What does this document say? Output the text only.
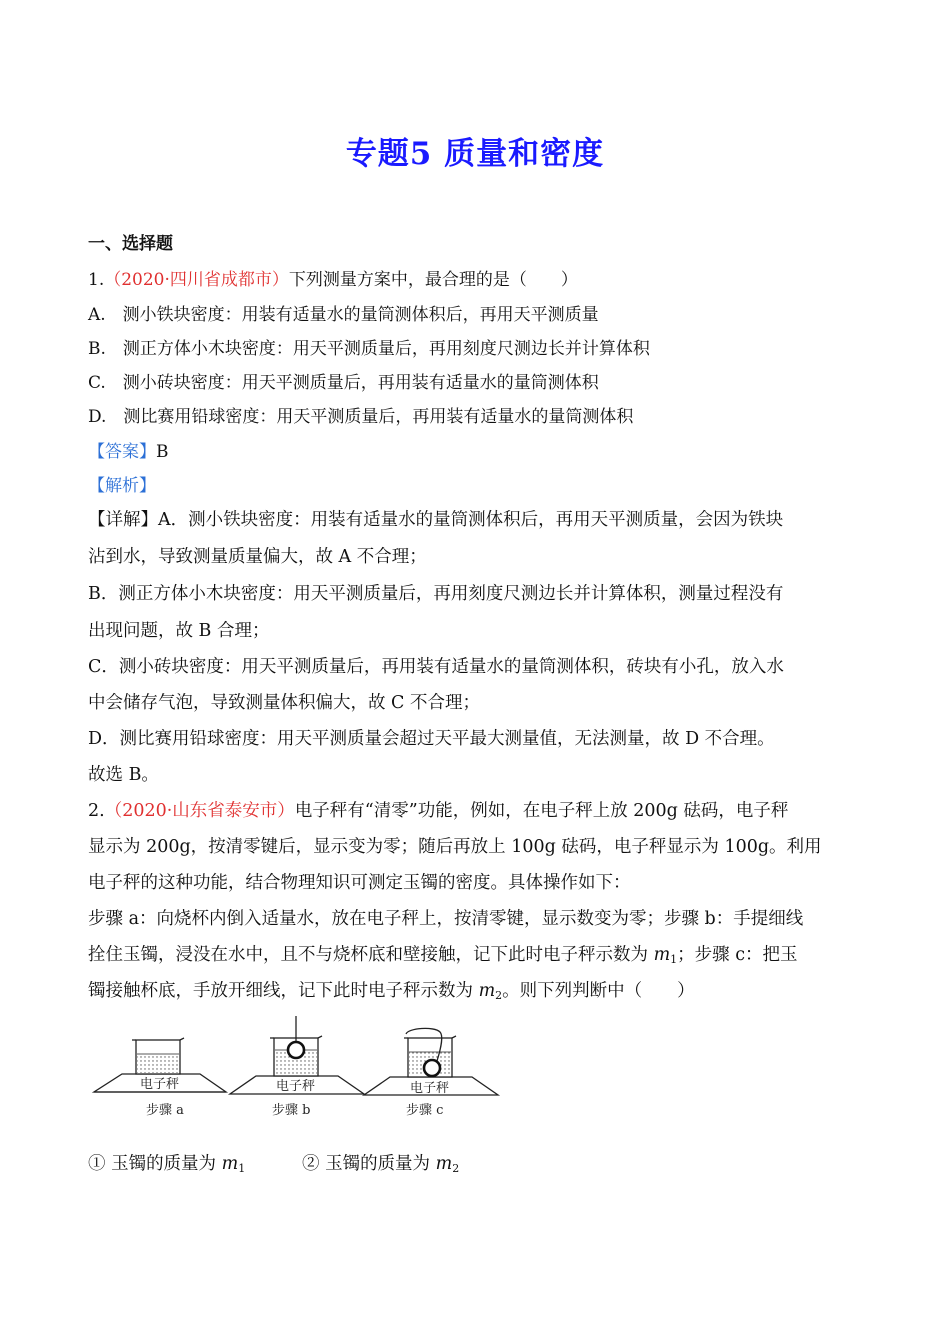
专题5 质量和密度
一、选择题
1.（2020·四川省成都市）下列测量方案中，最合理的是（　　）
A.　测小铁块密度：用装有适量水的量筒测体积后，再用天平测质量
B.　测正方体小木块密度：用天平测质量后，再用刻度尺测边长并计算体积
C.　测小砖块密度：用天平测质量后，再用装有适量水的量筒测体积
D.　测比赛用铅球密度：用天平测质量后，再用装有适量水的量筒测体积
【答案】B
【解析】
【详解】A．测小铁块密度：用装有适量水的量筒测体积后，再用天平测质量，会因为铁块
沾到水，导致测量质量偏大，故 A 不合理；
B．测正方体小木块密度：用天平测质量后，再用刻度尺测边长并计算体积，测量过程没有
出现问题，故 B 合理；
C．测小砖块密度：用天平测质量后，再用装有适量水的量筒测体积，砖块有小孔，放入水
中会储存气泡，导致测量体积偏大，故 C 不合理；
D．测比赛用铅球密度：用天平测质量会超过天平最大测量值，无法测量，故 D 不合理。
故选 B。
2.（2020·山东省泰安市）电子秤有“清零”功能，例如，在电子秤上放 200g 砝码，电子秤
显示为 200g，按清零键后，显示变为零；随后再放上 100g 砝码，电子秤显示为 100g。利用
电子秤的这种功能，结合物理知识可测定玉镯的密度。具体操作如下：
步骤 a：向烧杯内倒入适量水，放在电子秤上，按清零键，显示数变为零；步骤 b：手提细线
拴住玉镯，浸没在水中，且不与烧杯底和壁接触，记下此时电子秤示数为 $m_1$；步骤 c：把玉
镯接触杯底，手放开细线，记下此时电子秤示数为 $m_2$。则下列判断中（　　）
电子秤
步骤 a
电子秤
步骤 b
电子秤
步骤 c
① 玉镯的质量为 $m_1$	② 玉镯的质量为 $m_2$
